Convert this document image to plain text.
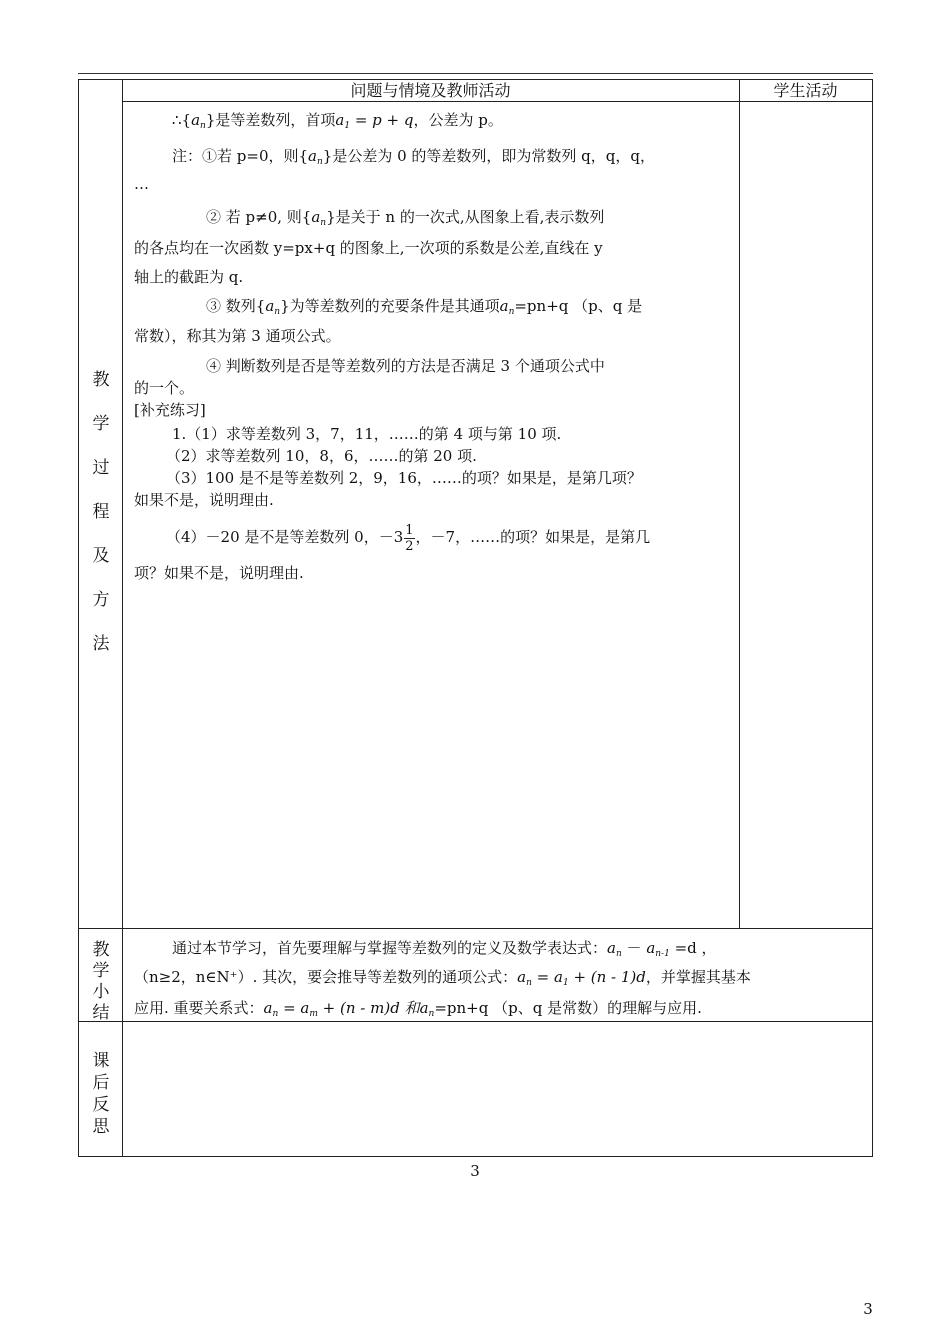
问题与情境及教师活动	学生活动
教
学
过
程
及
方
法
教
学
小
结
课
后
反
思
$\therefore\{a_n\}$是等差数列，首项$a_1 = p + q$，公差为 p。
注：①若 p=0，则$\{a_n\}$是公差为 0 的等差数列，即为常数列 q，q，q，
…
② 若 p≠0, 则$\{a_n\}$是关于 n 的一次式,从图象上看,表示数列
的各点均在一次函数 y=px+q 的图象上,一次项的系数是公差,直线在 y
轴上的截距为 q.
③ 数列$\{a_n\}$为等差数列的充要条件是其通项$a_n=pn+q$ （p、q 是
常数），称其为第 3 通项公式。
④ 判断数列是否是等差数列的方法是否满足 3 个通项公式中
的一个。
[补充练习]
1.（1）求等差数列 3，7，11，……的第 4 项与第 10 项.
（2）求等差数列 10，8，6，……的第 20 项.
（3）100 是不是等差数列 2，9，16，……的项？如果是，是第几项？
如果不是，说明理由.
（4）－20 是不是等差数列 0，$-3 \frac{1}{2}$ ，－7，……的项？如果是，是第几
项？如果不是，说明理由.
通过本节学习，首先要理解与掌握等差数列的定义及数学表达式：$a_n - a_{n-1} =d$ ，
（n≥2，n∈N⁺）. 其次，要会推导等差数列的通项公式：$a_n = a_1 + (n - 1)d$，并掌握其基本
应用. 重要关系式：$a_n = a_m + (n - m)d$ 和$a_n=pn+q$ （p、q 是常数）的理解与应用.
3
3
